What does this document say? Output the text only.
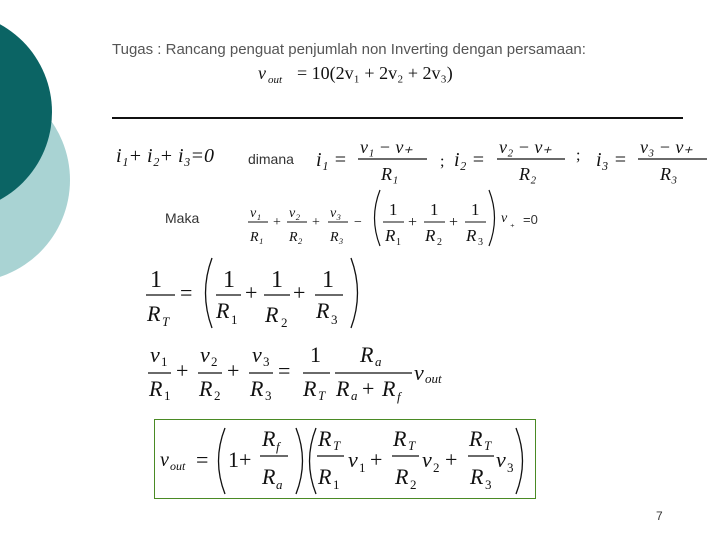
Tugas : Rancang penguat penjumlah non Inverting dengan persamaan:
v out = 10(2v₁ + 2v₂ + 2v₃)
i₁+ i₂+ i₃=0	i₁ =
v₁ − v₊
R₁
; i₂ =
v₂ − v₊
R₂
; i₃ =
v₃ − v₊
R₃
v₁
R₁
+
v₂
R₂
+
v₃
R₃
−
1
R 1
+
1
R 2
+
1
R 3
v ₊
1
R T
= 1
R 1
+ 1
R 2
+ 1
R 3
v 1
R 1
+
v 2
R 2
+
v 3
R 3
=
1
R T
R a
R a + R f
v out
v out = 1+
R f
R a
R T
R 1
v 1 +
R T
R 2
v 2 +
R T
R 3
v 3
dimana
Maka	=0
7
